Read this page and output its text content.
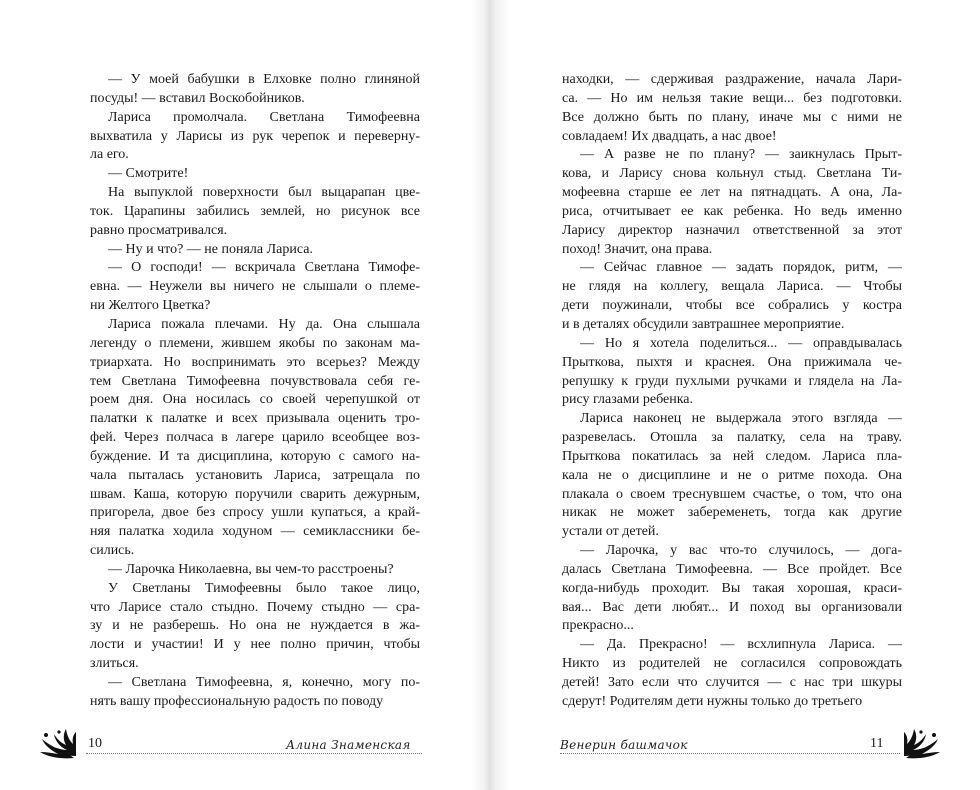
— У моей бабушки в Елховке полно глиняной

посуды! — вставил Воскобойников.

Лариса промолчала. Светлана Тимофеевна

выхватила у Ларисы из рук черепок и переверну-

ла его.

— Смотрите!

На выпуклой поверхности был выцарапан цве-

ток. Царапины забились землей, но рисунок все

равно просматривался.

— Ну и что? — не поняла Лариса.

— О господи! — вскричала Светлана Тимофе-

евна. — Неужели вы ничего не слышали о племе-

ни Желтого Цветка?

Лариса пожала плечами. Ну да. Она слышала

легенду о племени, жившем якобы по законам ма-

триархата. Но воспринимать это всерьез? Между

тем Светлана Тимофеевна почувствовала себя ге-

роем дня. Она носилась со своей черепушкой от

палатки к палатке и всех призывала оценить тро-

фей. Через полчаса в лагере царило всеобщее воз-

буждение. И та дисциплина, которую с самого на-

чала пыталась установить Лариса, затрещала по

швам. Каша, которую поручили сварить дежурным,

пригорела, двое без спросу ушли купаться, а край-

няя палатка ходила ходуном — семиклассники бе-

сились.

— Ларочка Николаевна, вы чем-то расстроены?

У Светланы Тимофеевны было такое лицо,

что Ларисе стало стыдно. Почему стыдно — сра-

зу и не разберешь. Но она не нуждается в жа-

лости и участии! И у нее полно причин, чтобы

злиться.

— Светлана Тимофеевна, я, конечно, могу по-

нять вашу профессиональную радость по поводу

10	Алина Знаменская

находки, — сдерживая раздражение, начала Лари-

са. — Но им нельзя такие вещи... без подготовки.

Все должно быть по плану, иначе мы с ними не

совладаем! Их двадцать, а нас двое!

— А разве не по плану? — заикнулась Прыт-

кова, и Ларису снова кольнул стыд. Светлана Ти-

мофеевна старше ее лет на пятнадцать. А она, Ла-

риса, отчитывает ее как ребенка. Но ведь именно

Ларису директор назначил ответственной за этот

поход! Значит, она права.

— Сейчас главное — задать порядок, ритм, —

не глядя на коллегу, вещала Лариса. — Чтобы

дети поужинали, чтобы все собрались у костра

и в деталях обсудили завтрашнее мероприятие.

— Но я хотела поделиться... — оправдывалась

Прыткова, пыхтя и краснея. Она прижимала че-

репушку к груди пухлыми ручками и глядела на Ла-

рису глазами ребенка.

Лариса наконец не выдержала этого взгляда —

разревелась. Отошла за палатку, села на траву.

Прыткова покатилась за ней следом. Лариса пла-

кала не о дисциплине и не о ритме похода. Она

плакала о своем треснувшем счастье, о том, что она

никак не может забеременеть, тогда как другие

устали от детей.

— Ларочка, у вас что-то случилось, — дога-

далась Светлана Тимофеевна. — Все пройдет. Все

когда-нибудь проходит. Вы такая хорошая, краси-

вая... Вас дети любят... И поход вы организовали

прекрасно...

— Да. Прекрасно! — всхлипнула Лариса. —

Никто из родителей не согласился сопровождать

детей! Зато если что случится — с нас три шкуры

сдерут! Родителям дети нужны только до третьего

Венерин башмачок	11
